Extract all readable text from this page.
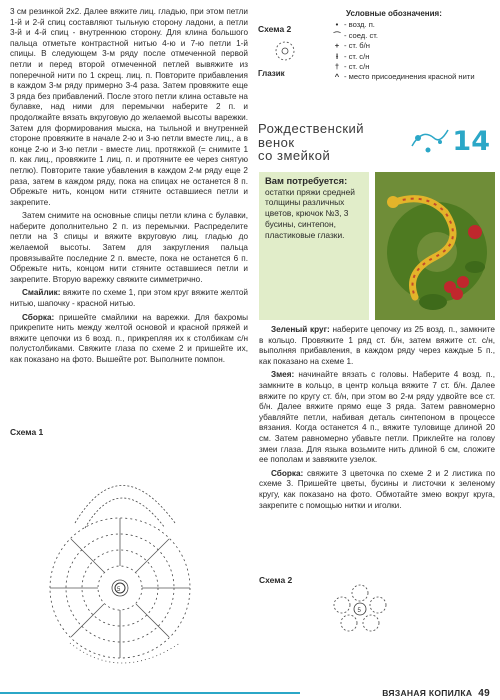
3 см резинкой 2х2. Далее вяжите лиц. гладью, при этом петли 1-й и 2-й спиц составляют тыльную сторону ладони, а петли 3-й и 4-й спиц - внутреннюю сторону. Для клина большого пальца отметьте контрастной нитью 4-ю и 7-ю петли 1-й спицы. В следующем 3-м ряду после отмеченной первой петли и перед второй отмеченной петлей вывяжите из поперечной нити по 1 скрещ. лиц. п. Повторите прибавления в каждом 3-м ряду примерно 3-4 раза. Затем провяжите еще 3 ряда без прибавлений. После этого петли клина оставьте на булавке, над ними для перемычки наберите 2 п. и продолжайте вязать вкруговую до желаемой высоты варежки. Затем для формирования мыска, на тыльной и внутренней стороне провяжите в начале 2-ю и 3-ю петли вместе лиц., а в конце 2-ю и 3-ю петли - вместе лиц. протяжкой (= снимите 1 п. как лиц., провяжите 1 лиц. п. и протяните ее через снятую петлю). Повторите такие убавления в каждом 2-м ряду еще 2 раза, затем в каждом ряду, пока на спицах не останется 8 п. Обрежьте нить, концом нити стяните оставшиеся петли и закрепите.

Затем снимите на основные спицы петли клина с булавки, наберите дополнительно 2 п. из перемычки. Распределите петли на 3 спицы и вяжите вкруговую лиц. гладью до желаемой высоты. Затем для закругления пальца провязывайте последние 2 п. вместе, пока не останется 6 п. Обрежьте нить, концом нити стяните оставшиеся петли и закрепите. Вторую варежку свяжите симметрично.

Смайлик: вяжите по схеме 1, при этом круг вяжите желтой нитью, шапочку - красной нитью.

Сборка: пришейте смайлики на варежки. Для бахромы прикрепите нить между желтой основой и красной пряжей и вяжите цепочки из 6 возд. п., прикрепляя их к столбикам с/н полустолбиками. Свяжите глаза по схеме 2 и пришейте их, как показано на фото. Вышейте рот. Выполните помпон.

Схема 1

5

Схема 2

Глазик
Условные обозначения:
• - возд. п.
⌒ - соед. ст.
+ - ст. б/н
ƚ - ст. с/н
† - ст. с/н
^ - место присоединения красной нити
Рождественский
венок
со змейкой	14
Вам потребуется:
остатки пряжи средней толщины различных цветов, крючок №3, 3 бусины, синтепон, пластиковые глазки.

Зеленый круг: наберите цепочку из 25 возд. п., замкните в кольцо. Провяжите 1 ряд ст. б/н, затем вяжите ст. с/н, выполняя прибавления, в каждом ряду через каждые 5 п., как показано на схеме 1.

Змея: начинайте вязать с головы. Наберите 4 возд. п., замкните в кольцо, в центр кольца вяжите 7 ст. б/н. Далее вяжите по кругу ст. б/н, при этом во 2-м ряду удвойте все ст. б/н. Далее вяжите прямо еще 3 ряда. Затем равномерно убавляйте петли, набивая деталь синтепоном в процессе вязания. Когда останется 4 п., вяжите туловище длиной 20 см. Затем равномерно убавьте петли. Приклейте на голову змеи глаза. Для языка возьмите нить длиной 6 см, сложите ее пополам и завяжите узелок.

Сборка: свяжите 3 цветочка по схеме 2 и 2 листика по схеме 3. Пришейте цветы, бусины и листочки к зеленому кругу, как показано на фото. Обмотайте змею вокруг круга, закрепите с помощью нитки и иголки.

Схема 2

5
ВЯЗАНАЯ КОПИЛКА 49
